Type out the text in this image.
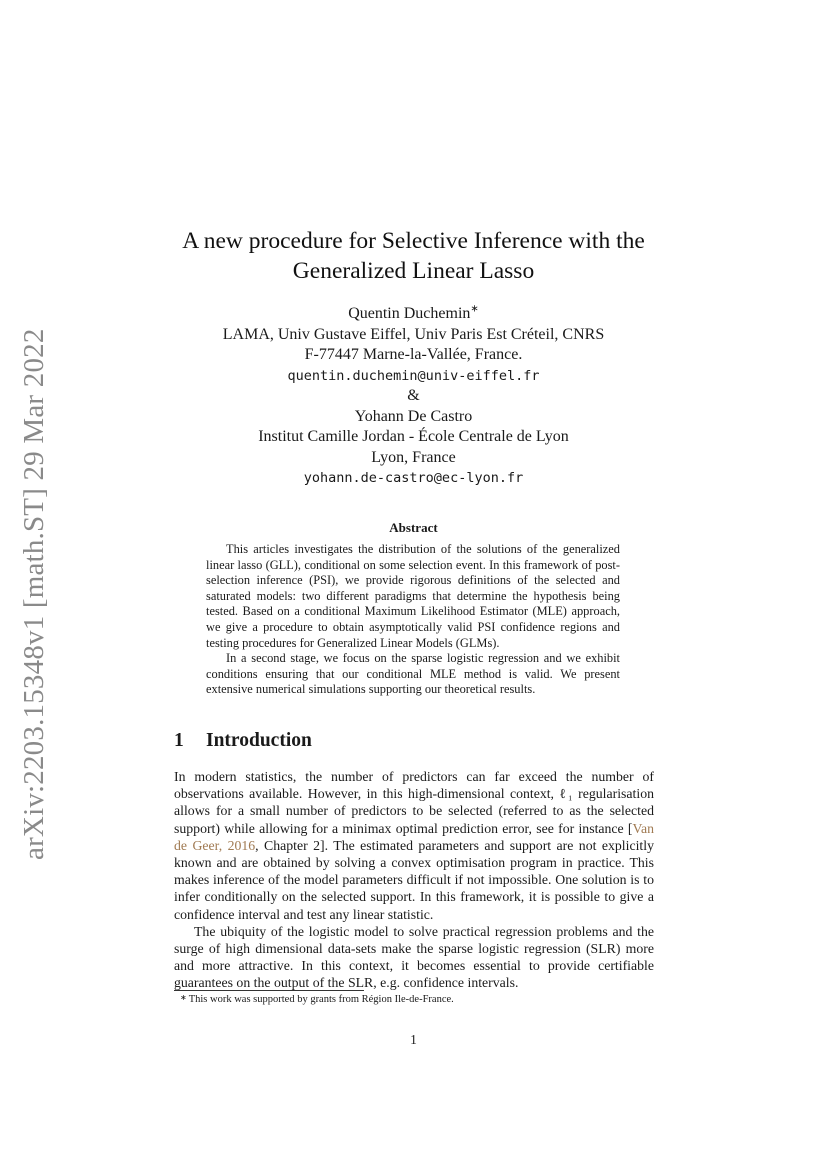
arXiv:2203.15348v1 [math.ST] 29 Mar 2022
A new procedure for Selective Inference with the
Generalized Linear Lasso
Quentin Duchemin∗
LAMA, Univ Gustave Eiffel, Univ Paris Est Créteil, CNRS
F-77447 Marne-la-Vallée, France.
quentin.duchemin@univ-eiffel.fr
&
Yohann De Castro
Institut Camille Jordan - École Centrale de Lyon
Lyon, France
yohann.de-castro@ec-lyon.fr
Abstract

This articles investigates the distribution of the solutions of the generalized linear lasso (GLL), conditional on some selection event. In this framework of post-selection inference (PSI), we provide rigorous definitions of the selected and saturated models: two different paradigms that determine the hypothesis being tested. Based on a conditional Maximum Likelihood Estimator (MLE) approach, we give a procedure to obtain asymptotically valid PSI confidence regions and testing procedures for Generalized Linear Models (GLMs).

In a second stage, we focus on the sparse logistic regression and we exhibit conditions ensuring that our conditional MLE method is valid. We present extensive numerical simulations supporting our theoretical results.

1 Introduction

In modern statistics, the number of predictors can far exceed the number of observations available. However, in this high-dimensional context, ℓ₁ regularisation allows for a small number of predictors to be selected (referred to as the selected support) while allowing for a minimax optimal prediction error, see for instance [Van de Geer, 2016, Chapter 2]. The estimated parameters and support are not explicitly known and are obtained by solving a convex optimisation program in practice. This makes inference of the model parameters difficult if not impossible. One solution is to infer conditionally on the selected support. In this framework, it is possible to give a confidence interval and test any linear statistic.

The ubiquity of the logistic model to solve practical regression problems and the surge of high dimensional data-sets make the sparse logistic regression (SLR) more and more attractive. In this context, it becomes essential to provide certifiable guarantees on the output of the SLR, e.g. confidence intervals.

∗ This work was supported by grants from Région Ile-de-France.
1
